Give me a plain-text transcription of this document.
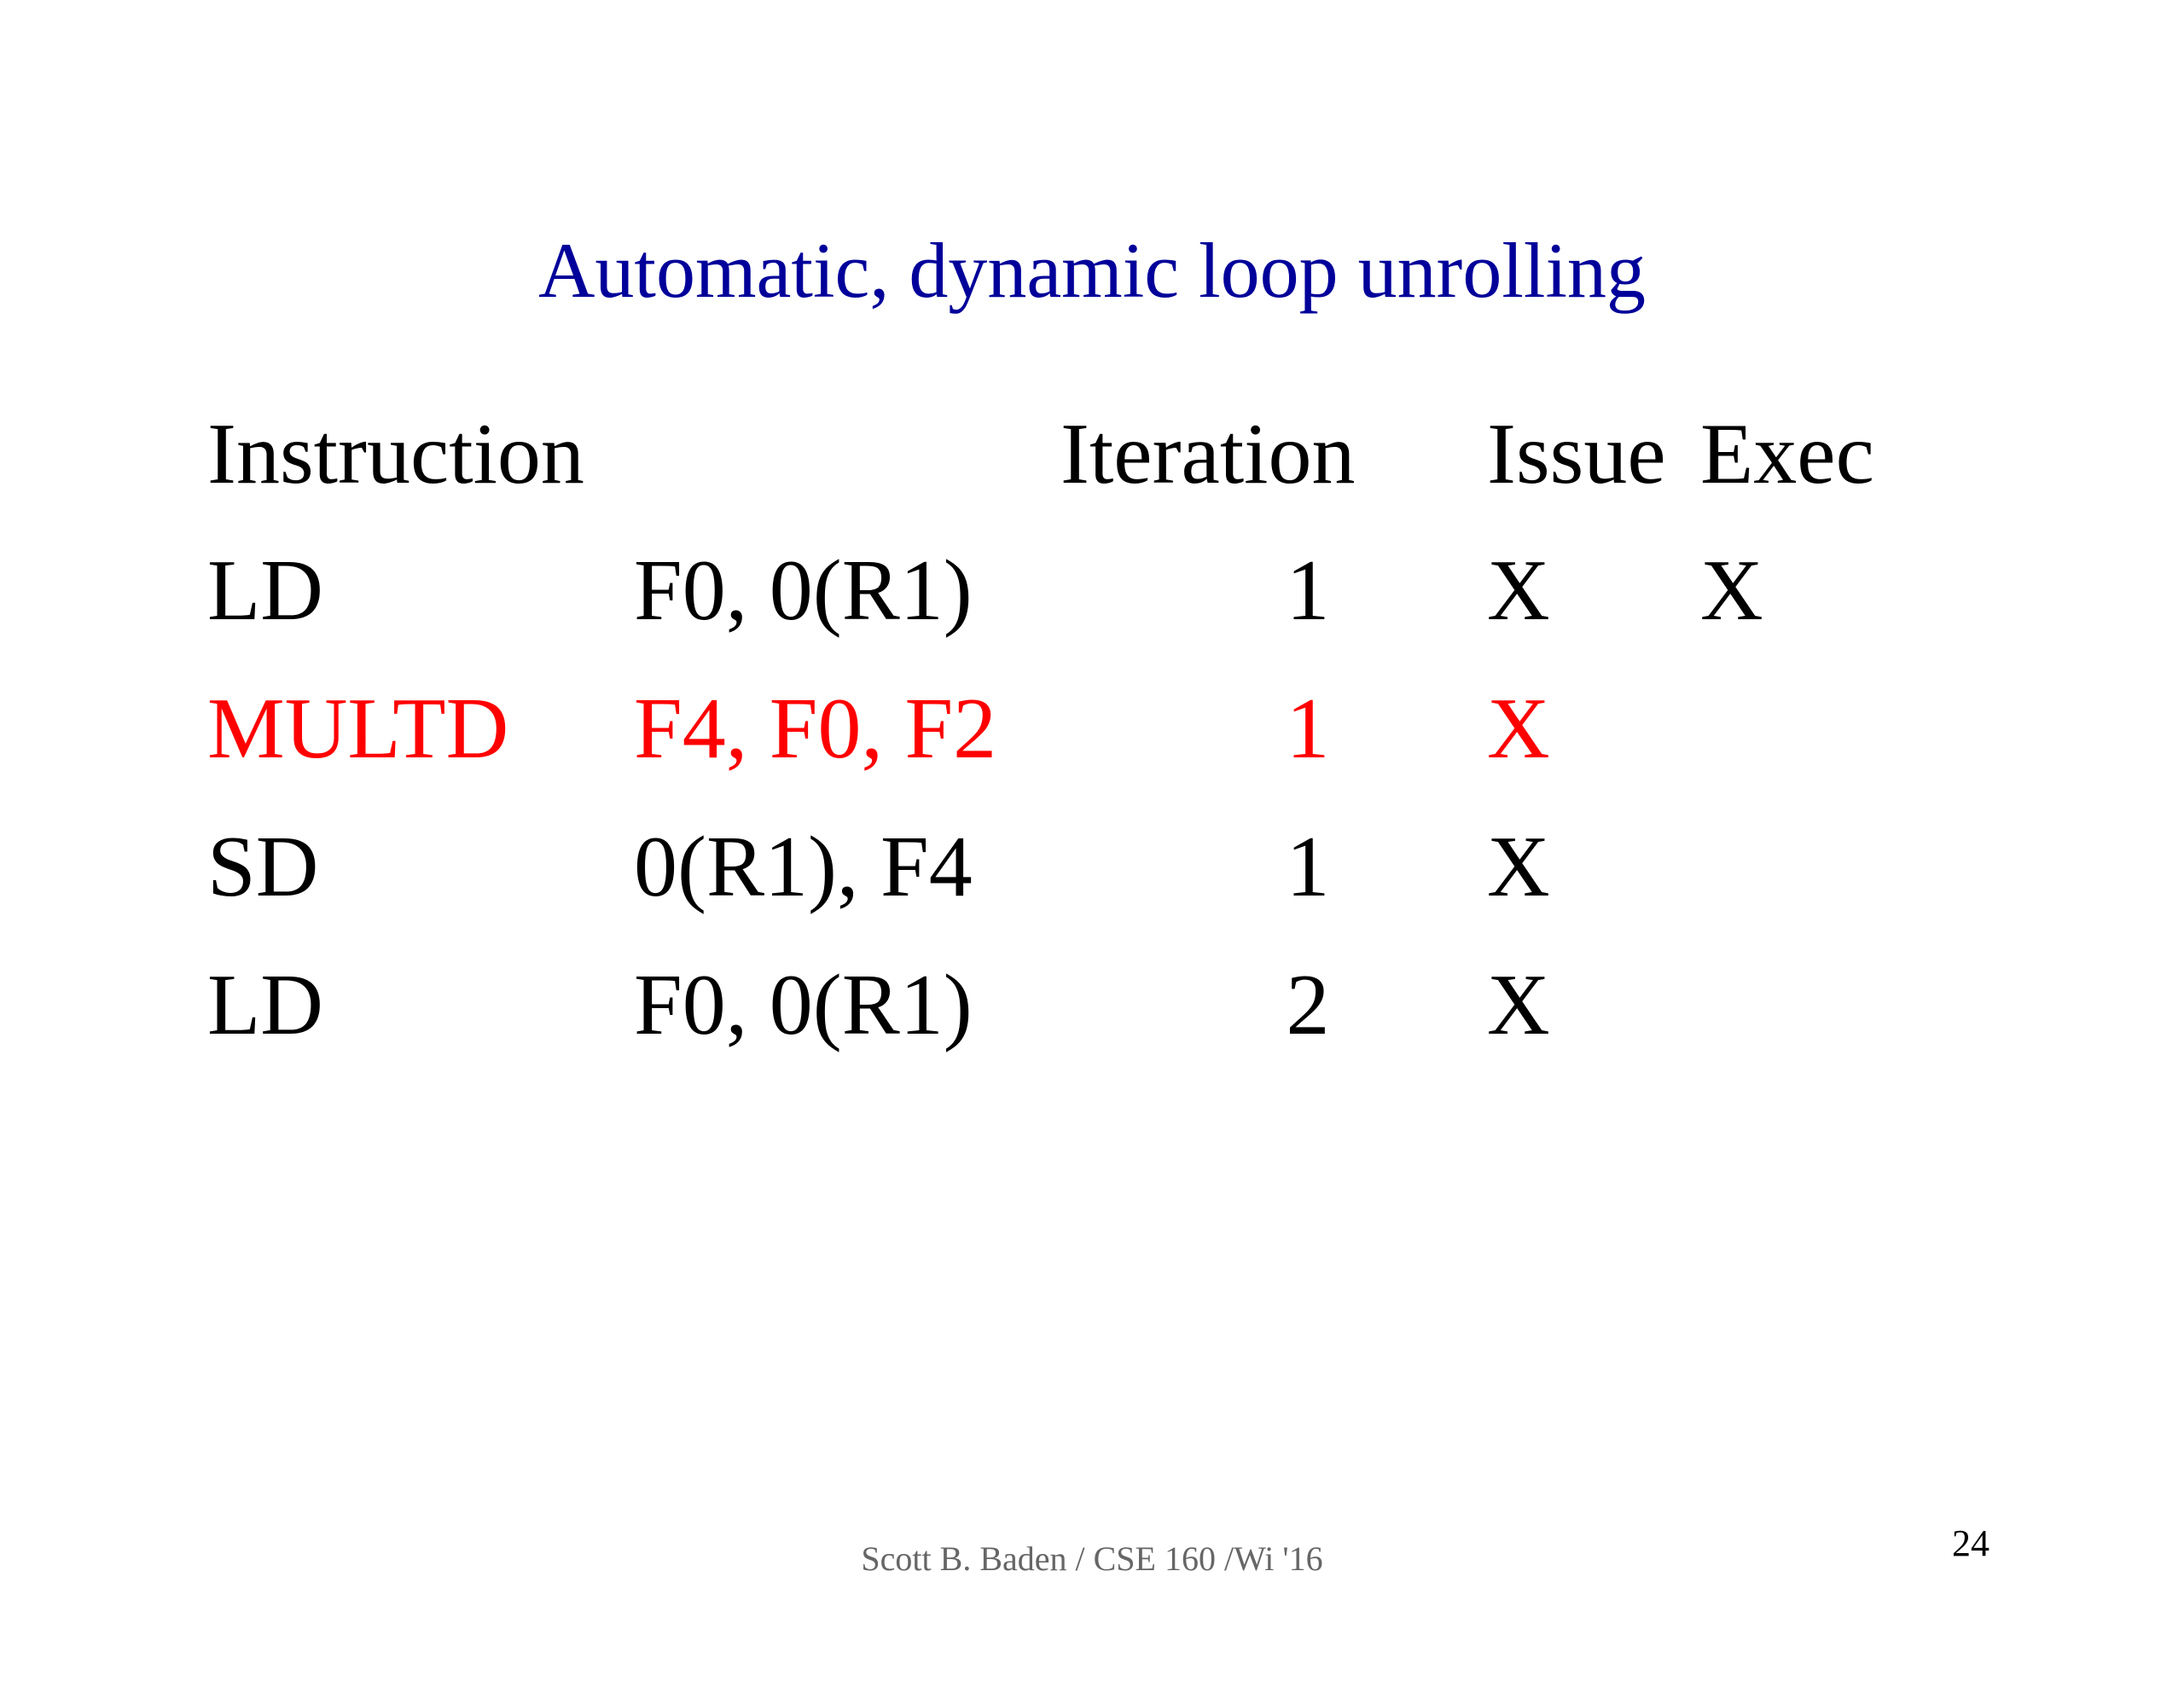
Automatic, dynamic loop unrolling
Instruction	Iteration Issue Exec
LD	F0, 0(R1)	1 X X
MULTD F4, F0, F2	1 X
SD	0(R1), F4	1 X
LD	F0, 0(R1)	2 X
Scott B. Baden / CSE 160 /Wi '16	24
